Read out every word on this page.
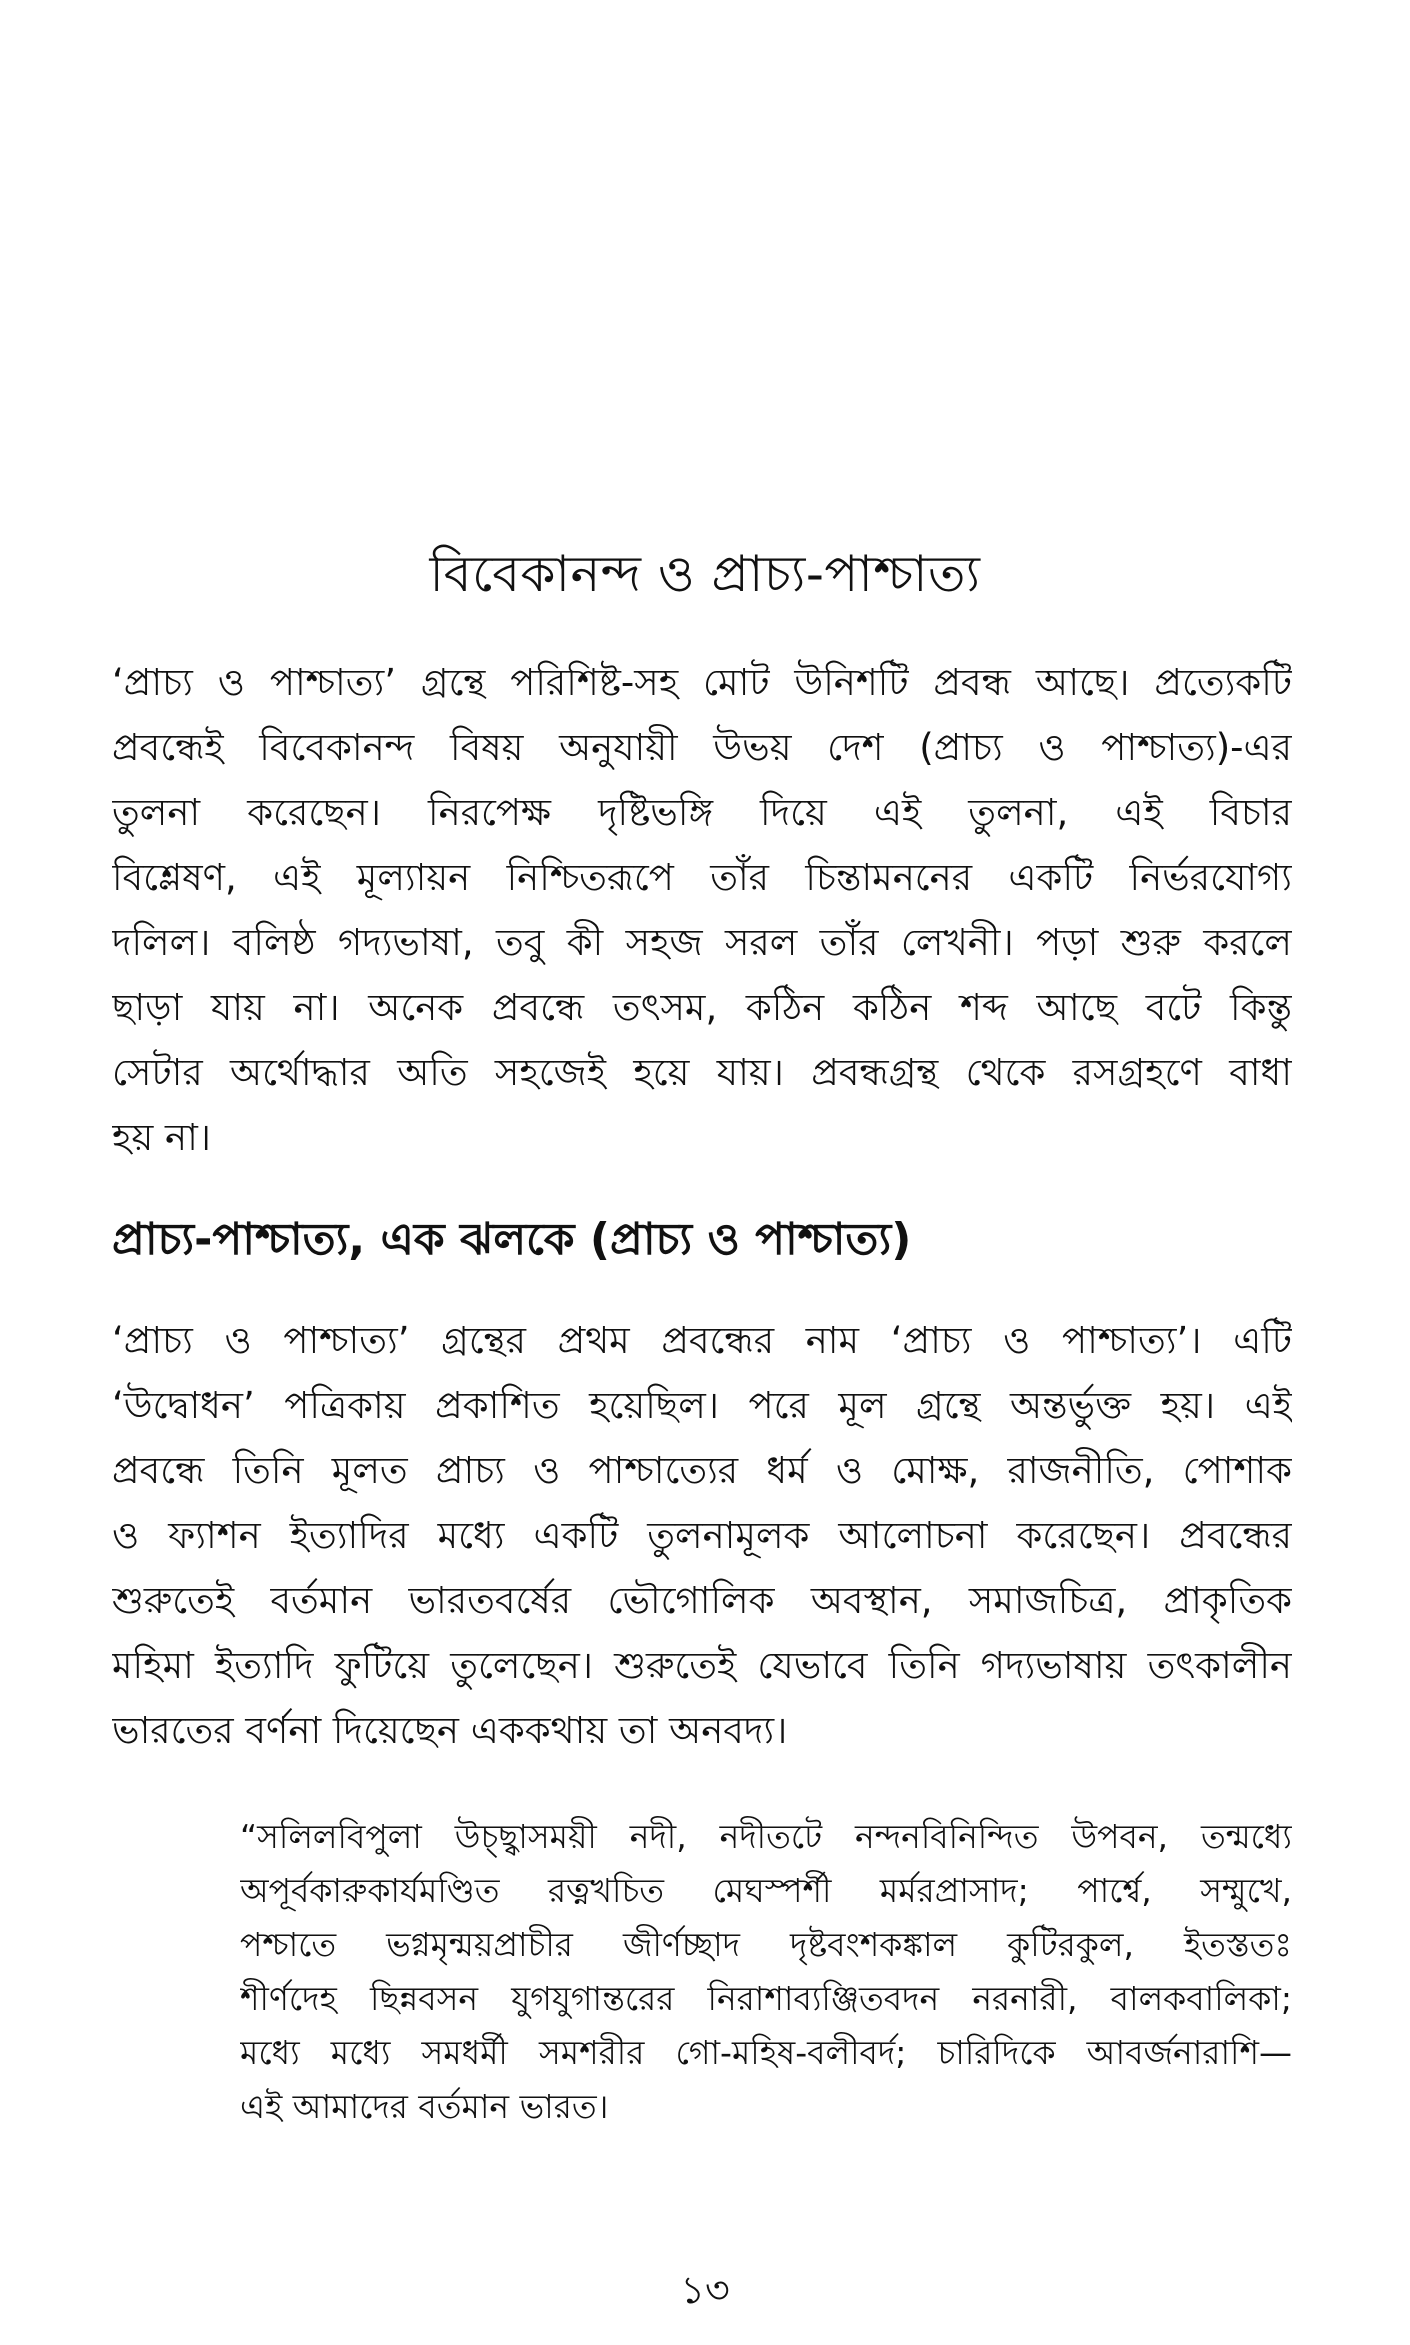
বিবেকানন্দ ও প্রাচ্য-পাশ্চাত্য
‘প্রাচ্য ও পাশ্চাত্য’ গ্রন্থে পরিশিষ্ট-সহ মোট উনিশটি প্রবন্ধ আছে। প্রত্যেকটি
প্রবন্ধেই বিবেকানন্দ বিষয় অনুযায়ী উভয় দেশ (প্রাচ্য ও পাশ্চাত্য)-এর
তুলনা করেছেন। নিরপেক্ষ দৃষ্টিভঙ্গি দিয়ে এই তুলনা, এই বিচার
বিশ্লেষণ, এই মূল্যায়ন নিশ্চিতরূপে তাঁর চিন্তামননের একটি নির্ভরযোগ্য
দলিল। বলিষ্ঠ গদ্যভাষা, তবু কী সহজ সরল তাঁর লেখনী। পড়া শুরু করলে
ছাড়া যায় না। অনেক প্রবন্ধে তৎসম, কঠিন কঠিন শব্দ আছে বটে কিন্তু
সেটার অর্থোদ্ধার অতি সহজেই হয়ে যায়। প্রবন্ধগ্রন্থ থেকে রসগ্রহণে বাধা
হয় না।
প্রাচ্য-পাশ্চাত্য, এক ঝলকে (প্রাচ্য ও পাশ্চাত্য)
‘প্রাচ্য ও পাশ্চাত্য’ গ্রন্থের প্রথম প্রবন্ধের নাম ‘প্রাচ্য ও পাশ্চাত্য’। এটি
‘উদ্বোধন’ পত্রিকায় প্রকাশিত হয়েছিল। পরে মূল গ্রন্থে অন্তর্ভুক্ত হয়। এই
প্রবন্ধে তিনি মূলত প্রাচ্য ও পাশ্চাত্যের ধর্ম ও মোক্ষ, রাজনীতি, পোশাক
ও ফ্যাশন ইত্যাদির মধ্যে একটি তুলনামূলক আলোচনা করেছেন। প্রবন্ধের
শুরুতেই বর্তমান ভারতবর্ষের ভৌগোলিক অবস্থান, সমাজচিত্র, প্রাকৃতিক
মহিমা ইত্যাদি ফুটিয়ে তুলেছেন। শুরুতেই যেভাবে তিনি গদ্যভাষায় তৎকালীন
ভারতের বর্ণনা দিয়েছেন এককথায় তা অনবদ্য।
“সলিলবিপুলা উচ্ছ্বাসময়ী নদী, নদীতটে নন্দনবিনিন্দিত উপবন, তন্মধ্যে
অপূর্বকারুকার্যমণ্ডিত রত্নখচিত মেঘস্পর্শী মর্মরপ্রাসাদ; পার্শ্বে, সম্মুখে,
পশ্চাতে ভগ্নমৃন্ময়প্রাচীর জীর্ণচ্ছাদ দৃষ্টবংশকঙ্কাল কুটিরকুল, ইতস্ততঃ
শীর্ণদেহ ছিন্নবসন যুগযুগান্তরের নিরাশাব্যঞ্জিতবদন নরনারী, বালকবালিকা;
মধ্যে মধ্যে সমধর্মী সমশরীর গো-মহিষ-বলীবর্দ; চারিদিকে আবর্জনারাশি—
এই আমাদের বর্তমান ভারত।
১৩
